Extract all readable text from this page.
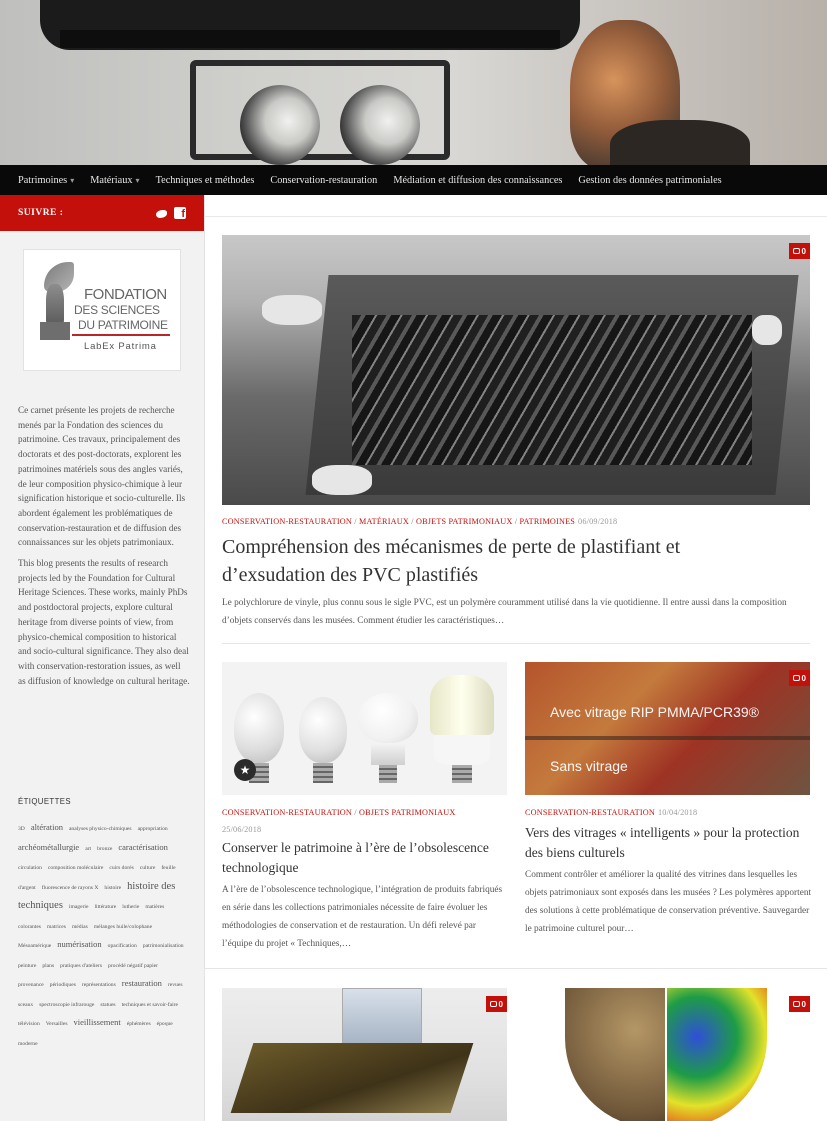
Patrimoines ▾	Matériaux ▾	Techniques et méthodes	Conservation-restauration	Médiation et diffusion des connaissances	Gestion des données patrimoniales
SUIVRE :	f
FONDATION
DES SCIENCES
DU PATRIMOINE
LabEx Patrima

Ce carnet présente les projets de recherche menés par la Fondation des sciences du patrimoine. Ces travaux, principalement des doctorats et des post-doctorats, explorent les patrimoines matériels sous des angles variés, de leur composition physico-chimique à leur signification historique et socio-culturelle. Ils abordent également les problématiques de conservation-restauration et de diffusion des connaissances sur les objets patrimoniaux.

This blog presents the results of research projects led by the Foundation for Cultural Heritage Sciences. These works, mainly PhDs and postdoctoral projects, explore cultural heritage from diverse points of view, from physico-chemical composition to historical and socio-cultural significance. They also deal with conservation-restoration issues, as well as diffusion of knowledge on cultural heritage.

ÉTIQUETTES
3D altération analyses physico-chimiques appropriation archéométallurgie art bronze caractérisation circulation composition moléculaire cuirs dorés culture feuille d'argent fluorescence de rayons X histoire histoire des techniques imagerie littérature lutherie matières colorantes matrices médias mélanges huile/colophane Mésoamérique numérisation opacification patrimonialisation peinture plans pratiques d'ateliers procédé négatif papier provenance périodiques représentations restauration revues sceaux spectroscopie infrarouge statues techniques et savoir-faire télévision Versailles vieillissement éphémères époque moderne
0
CONSERVATION-RESTAURATION / MATÉRIAUX / OBJETS PATRIMONIAUX / PATRIMOINES 06/09/2018
Compréhension des mécanismes de perte de plastifiant et d’exsudation des PVC plastifiés

Le polychlorure de vinyle, plus connu sous le sigle PVC, est un polymère couramment utilisé dans la vie quotidienne. Il entre aussi dans la composition d’objets conservés dans les musées. Comment étudier les caractéristiques…

★
CONSERVATION-RESTAURATION / OBJETS PATRIMONIAUX
25/06/2018
Conserver le patrimoine à l’ère de l’obsolescence technologique

A l’ère de l’obsolescence technologique, l’intégration de produits fabriqués en série dans les collections patrimoniales nécessite de faire évoluer les méthodologies de conservation et de restauration. Un défi relevé par l’équipe du projet « Techniques,…

Avec vitrage RIP PMMA/PCR39®
Sans vitrage
0
CONSERVATION-RESTAURATION 10/04/2018
Vers des vitrages « intelligents » pour la protection des biens culturels

Comment contrôler et améliorer la qualité des vitrines dans lesquelles les objets patrimoniaux sont exposés dans les musées ? Les polymères apportent des solutions à cette problématique de conservation préventive. Sauvegarder le patrimoine culturel pour…

0	0
